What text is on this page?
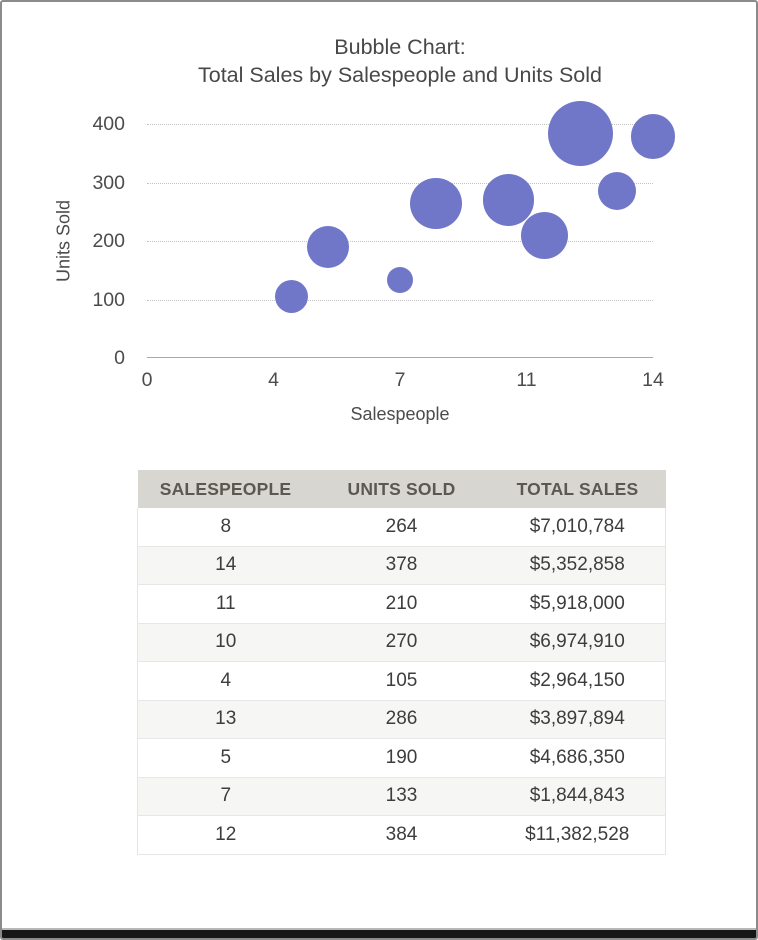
Bubble Chart:
Total Sales by Salespeople and Units Sold
Units Sold
0
100
200
300
400
0	4	7	11	14
Salespeople
SALESPEOPLE	UNITS SOLD	TOTAL SALES
8	264	$7,010,784
14	378	$5,352,858
11	210	$5,918,000
10	270	$6,974,910
4	105	$2,964,150
13	286	$3,897,894
5	190	$4,686,350
7	133	$1,844,843
12	384	$11,382,528
